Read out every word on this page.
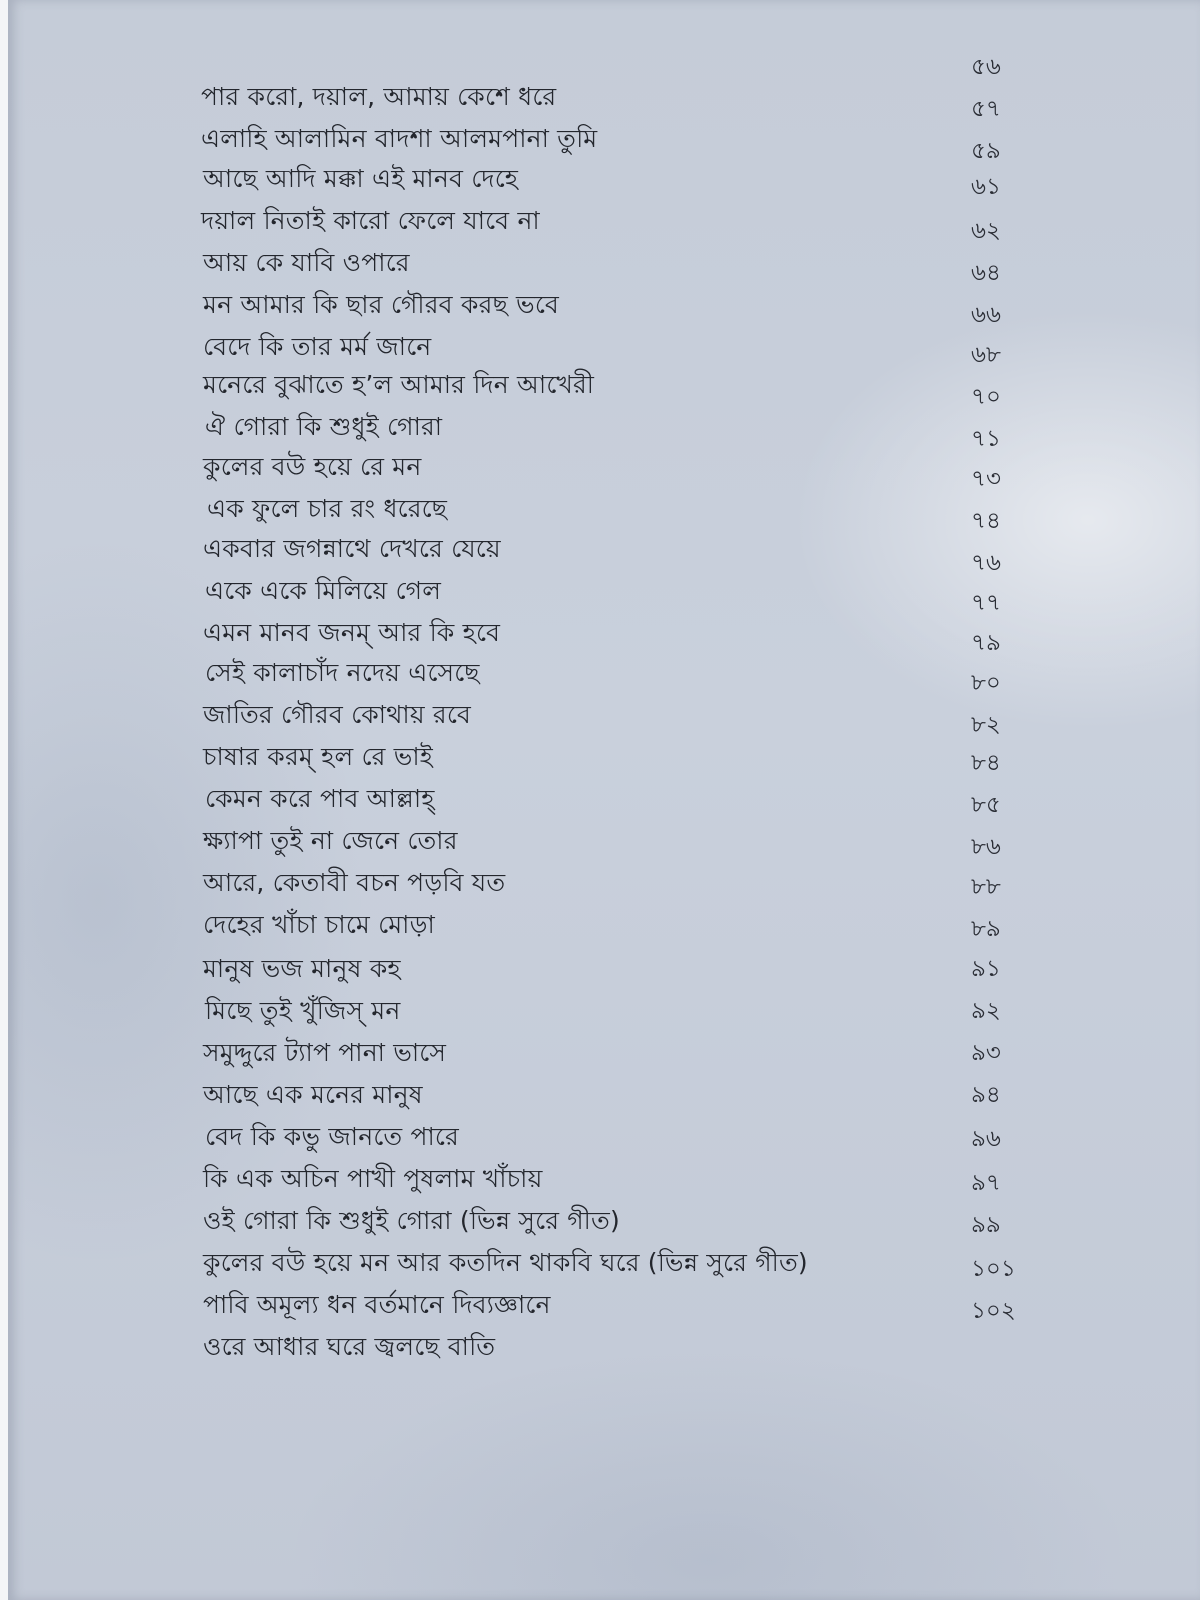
৫৬
পার করো, দয়াল, আমায় কেশে ধরে	৫৭
এলাহি আলামিন বাদশা আলমপানা তুমি	৫৯
আছে আদি মক্কা এই মানব দেহে	৬১
দয়াল নিতাই কারো ফেলে যাবে না	৬২
আয় কে যাবি ওপারে	৬৪
মন আমার কি ছার গৌরব করছ ভবে	৬৬
বেদে কি তার মর্ম জানে	৬৮
মনেরে বুঝাতে হ’ল আমার দিন আখেরী	৭০
ঐ গোরা কি শুধুই গোরা	৭১
কুলের বউ হয়ে রে মন	৭৩
এক ফুলে চার রং ধরেছে	৭৪
একবার জগন্নাথে দেখরে যেয়ে	৭৬
একে একে মিলিয়ে গেল	৭৭
এমন মানব জনম্ আর কি হবে	৭৯
সেই কালাচাঁদ নদেয় এসেছে	৮০
জাতির গৌরব কোথায় রবে	৮২
চাষার করম্ হল রে ভাই	৮৪
কেমন করে পাব আল্লাহ্	৮৫
ক্ষ্যাপা তুই না জেনে তোর	৮৬
আরে, কেতাবী বচন পড়বি যত	৮৮
দেহের খাঁচা চামে মোড়া	৮৯
মানুষ ভজ মানুষ কহ	৯১
মিছে তুই খুঁজিস্ মন	৯২
সমুদ্দুরে ট্যাপ পানা ভাসে	৯৩
আছে এক মনের মানুষ	৯৪
বেদ কি কভু জানতে পারে	৯৬
কি এক অচিন পাখী পুষলাম খাঁচায়	৯৭
ওই গোরা কি শুধুই গোরা (ভিন্ন সুরে গীত)	৯৯
কুলের বউ হয়ে মন আর কতদিন থাকবি ঘরে (ভিন্ন সুরে গীত)	১০১
পাবি অমূল্য ধন বর্তমানে দিব্যজ্ঞানে	১০২
ওরে আধার ঘরে জ্বলছে বাতি
